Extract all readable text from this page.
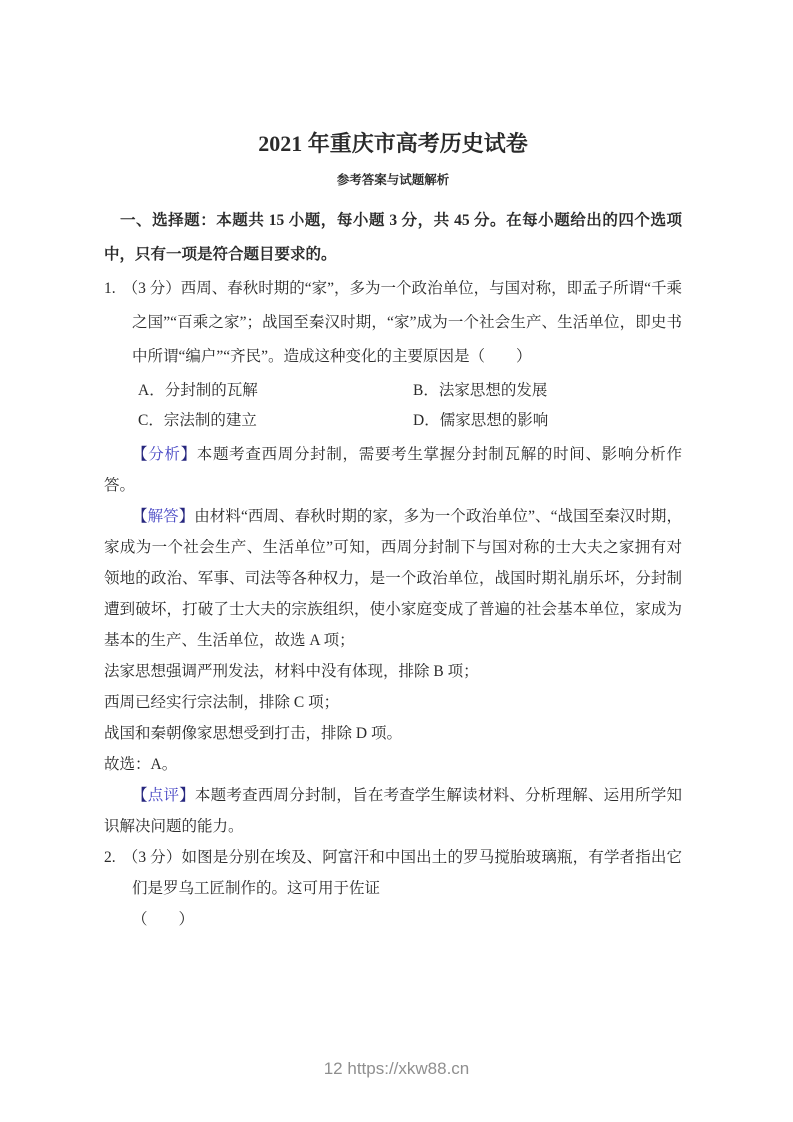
2021 年重庆市高考历史试卷
参考答案与试题解析

一、选择题：本题共 15 小题，每小题 3 分，共 45 分。在每小题给出的四个选项中，只有一项是符合题目要求的。

1. （3 分）西周、春秋时期的“家”，多为一个政治单位，与国对称，即孟子所谓“千乘之国”“百乘之家”；战国至秦汉时期，“家”成为一个社会生产、生活单位，即史书中所谓“编户”“齐民”。造成这种变化的主要原因是（　　）

A．分封制的瓦解	B．法家思想的发展
C．宗法制的建立	D．儒家思想的影响

【分析】本题考查西周分封制，需要考生掌握分封制瓦解的时间、影响分析作答。

【解答】由材料“西周、春秋时期的家，多为一个政治单位”、“战国至秦汉时期，家成为一个社会生产、生活单位”可知，西周分封制下与国对称的士大夫之家拥有对领地的政治、军事、司法等各种权力，是一个政治单位，战国时期礼崩乐坏，分封制遭到破坏，打破了士大夫的宗族组织，使小家庭变成了普遍的社会基本单位，家成为基本的生产、生活单位，故选 A 项；

法家思想强调严刑发法，材料中没有体现，排除 B 项；

西周已经实行宗法制，排除 C 项；

战国和秦朝像家思想受到打击，排除 D 项。

故选：A。

【点评】本题考查西周分封制，旨在考查学生解读材料、分析理解、运用所学知识解决问题的能力。

2. （3 分）如图是分别在埃及、阿富汗和中国出土的罗马搅胎玻璃瓶，有学者指出它们是罗乌工匠制作的。这可用于佐证

（　　）

12 https://xkw88.cn
